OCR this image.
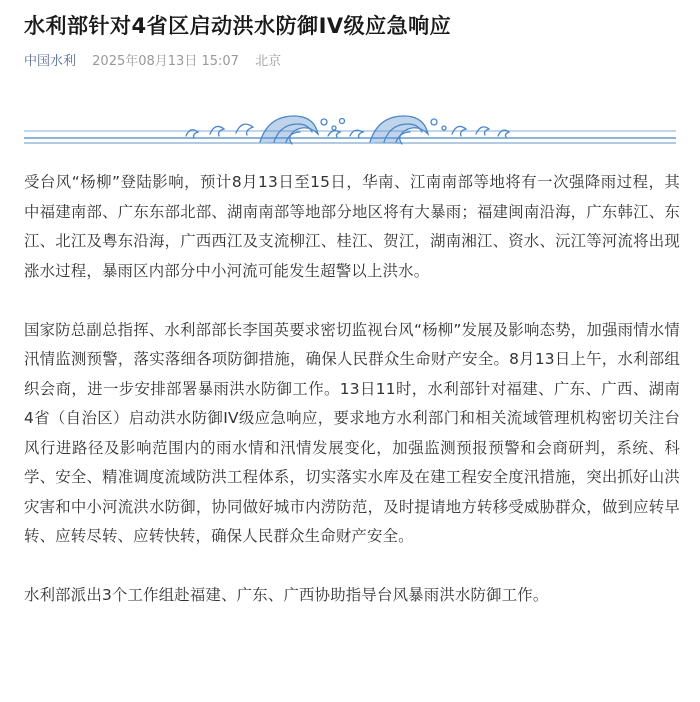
水利部针对4省区启动洪水防御IV级应急响应
中国水利 2025年08月13日 15:07 北京

受台风“杨柳”登陆影响，预计8月13日至15日，华南、江南南部等地将有一次强降雨过程，其中福建南部、广东东部北部、湖南南部等地部分地区将有大暴雨；福建闽南沿海，广东韩江、东江、北江及粤东沿海，广西西江及支流柳江、桂江、贺江，湖南湘江、资水、沅江等河流将出现涨水过程，暴雨区内部分中小河流可能发生超警以上洪水。

国家防总副总指挥、水利部部长李国英要求密切监视台风“杨柳”发展及影响态势，加强雨情水情汛情监测预警，落实落细各项防御措施，确保人民群众生命财产安全。8月13日上午，水利部组织会商，进一步安排部署暴雨洪水防御工作。13日11时，水利部针对福建、广东、广西、湖南4省（自治区）启动洪水防御IV级应急响应，要求地方水利部门和相关流域管理机构密切关注台风行进路径及影响范围内的雨水情和汛情发展变化，加强监测预报预警和会商研判，系统、科学、安全、精准调度流域防洪工程体系，切实落实水库及在建工程安全度汛措施，突出抓好山洪灾害和中小河流洪水防御，协同做好城市内涝防范，及时提请地方转移受威胁群众，做到应转早转、应转尽转、应转快转，确保人民群众生命财产安全。

水利部派出3个工作组赴福建、广东、广西协助指导台风暴雨洪水防御工作。
